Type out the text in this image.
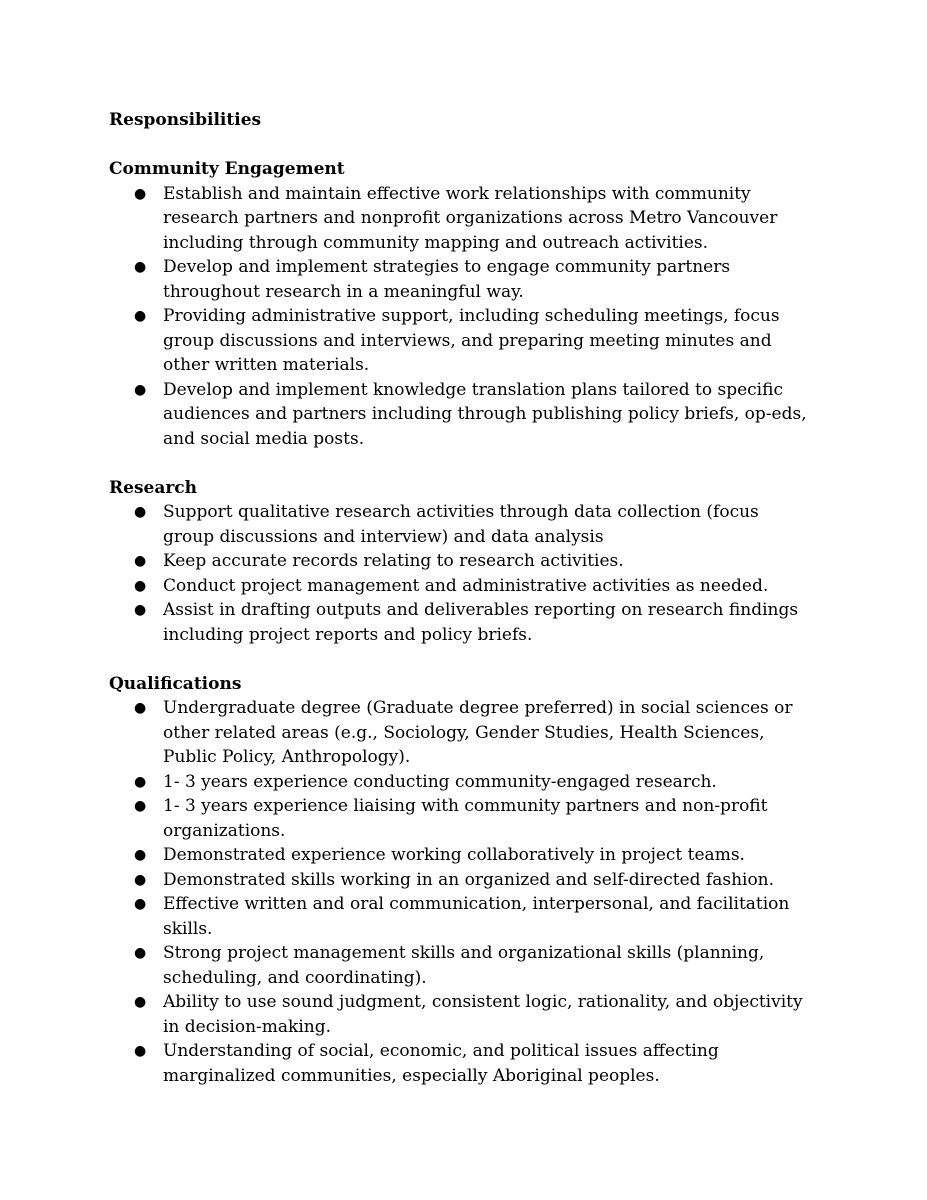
Responsibilities

Community Engagement

● Establish and maintain effective work relationships with community research partners and nonprofit organizations across Metro Vancouver including through community mapping and outreach activities.
● Develop and implement strategies to engage community partners throughout research in a meaningful way.
● Providing administrative support, including scheduling meetings, focus group discussions and interviews, and preparing meeting minutes and other written materials.
● Develop and implement knowledge translation plans tailored to specific audiences and partners including through publishing policy briefs, op-eds, and social media posts.

Research

● Support qualitative research activities through data collection (focus group discussions and interview) and data analysis
● Keep accurate records relating to research activities.
● Conduct project management and administrative activities as needed.
● Assist in drafting outputs and deliverables reporting on research findings including project reports and policy briefs.

Qualifications

● Undergraduate degree (Graduate degree preferred) in social sciences or other related areas (e.g., Sociology, Gender Studies, Health Sciences, Public Policy, Anthropology).
● 1- 3 years experience conducting community-engaged research.
● 1- 3 years experience liaising with community partners and non-profit organizations.
● Demonstrated experience working collaboratively in project teams.
● Demonstrated skills working in an organized and self-directed fashion.
● Effective written and oral communication, interpersonal, and facilitation skills.
● Strong project management skills and organizational skills (planning, scheduling, and coordinating).
● Ability to use sound judgment, consistent logic, rationality, and objectivity in decision-making.
● Understanding of social, economic, and political issues affecting marginalized communities, especially Aboriginal peoples.
